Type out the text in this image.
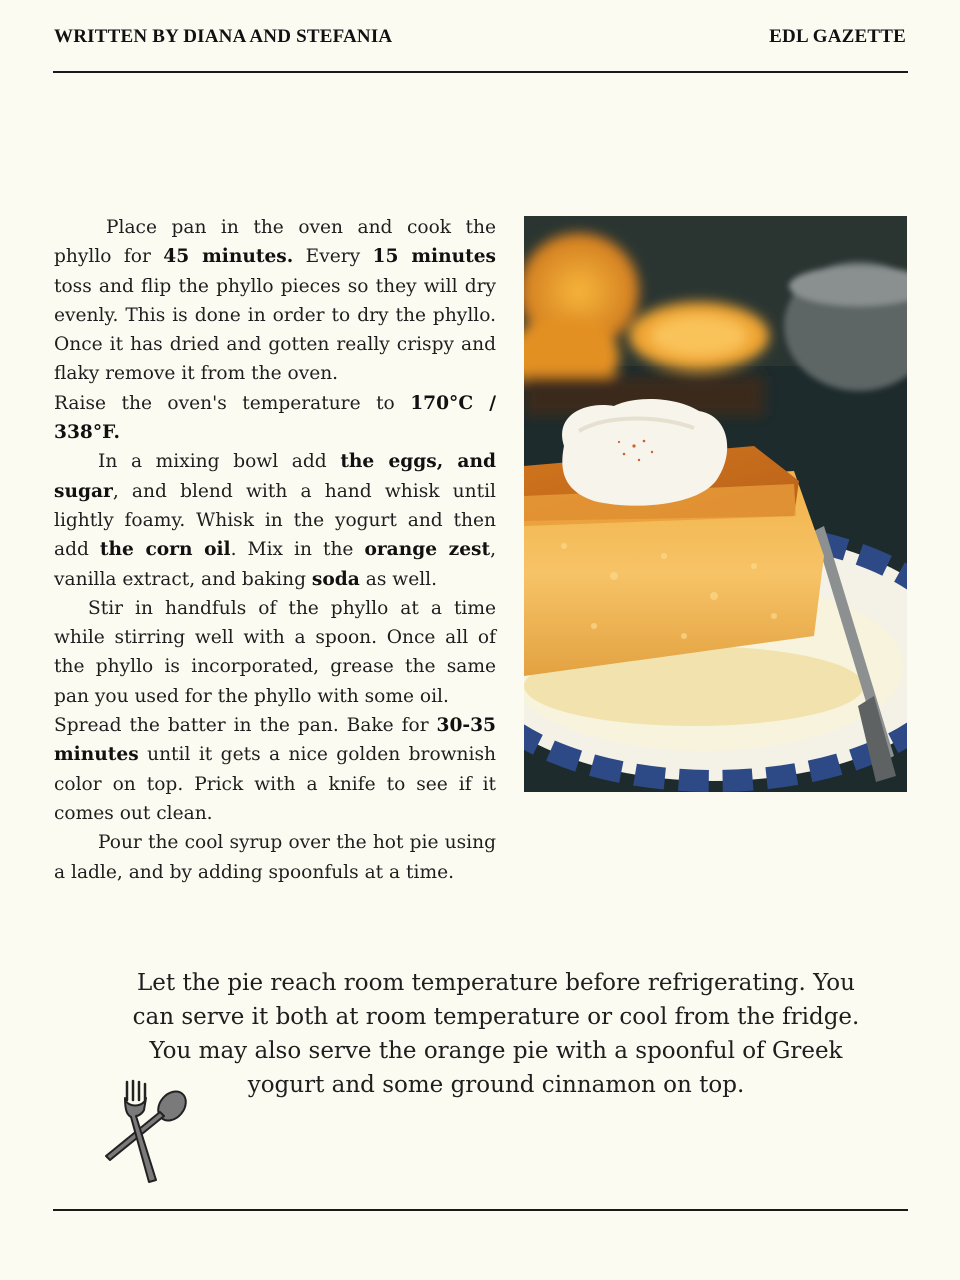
WRITTEN BY DIANA AND STEFANIA	EDL GAZETTE

Place pan in the oven and cook the phyllo for 45 minutes. Every 15 minutes toss and flip the phyllo pieces so they will dry evenly. This is done in order to dry the phyllo. Once it has dried and gotten really crispy and flaky remove it from the oven.

Raise the oven's temperature to 170°C / 338°F.

In a mixing bowl add the eggs, and sugar, and blend with a hand whisk until lightly foamy. Whisk in the yogurt and then add the corn oil. Mix in the orange zest, vanilla extract, and baking soda as well.

Stir in handfuls of the phyllo at a time while stirring well with a spoon. Once all of the phyllo is incorporated, grease the same pan you used for the phyllo with some oil.

Spread the batter in the pan. Bake for 30-35 minutes until it gets a nice golden brownish color on top. Prick with a knife to see if it comes out clean.

Pour the cool syrup over the hot pie using a ladle, and by adding spoonfuls at a time.

Let the pie reach room temperature before refrigerating. You can serve it both at room temperature or cool from the fridge. You may also serve the orange pie with a spoonful of Greek yogurt and some ground cinnamon on top.
